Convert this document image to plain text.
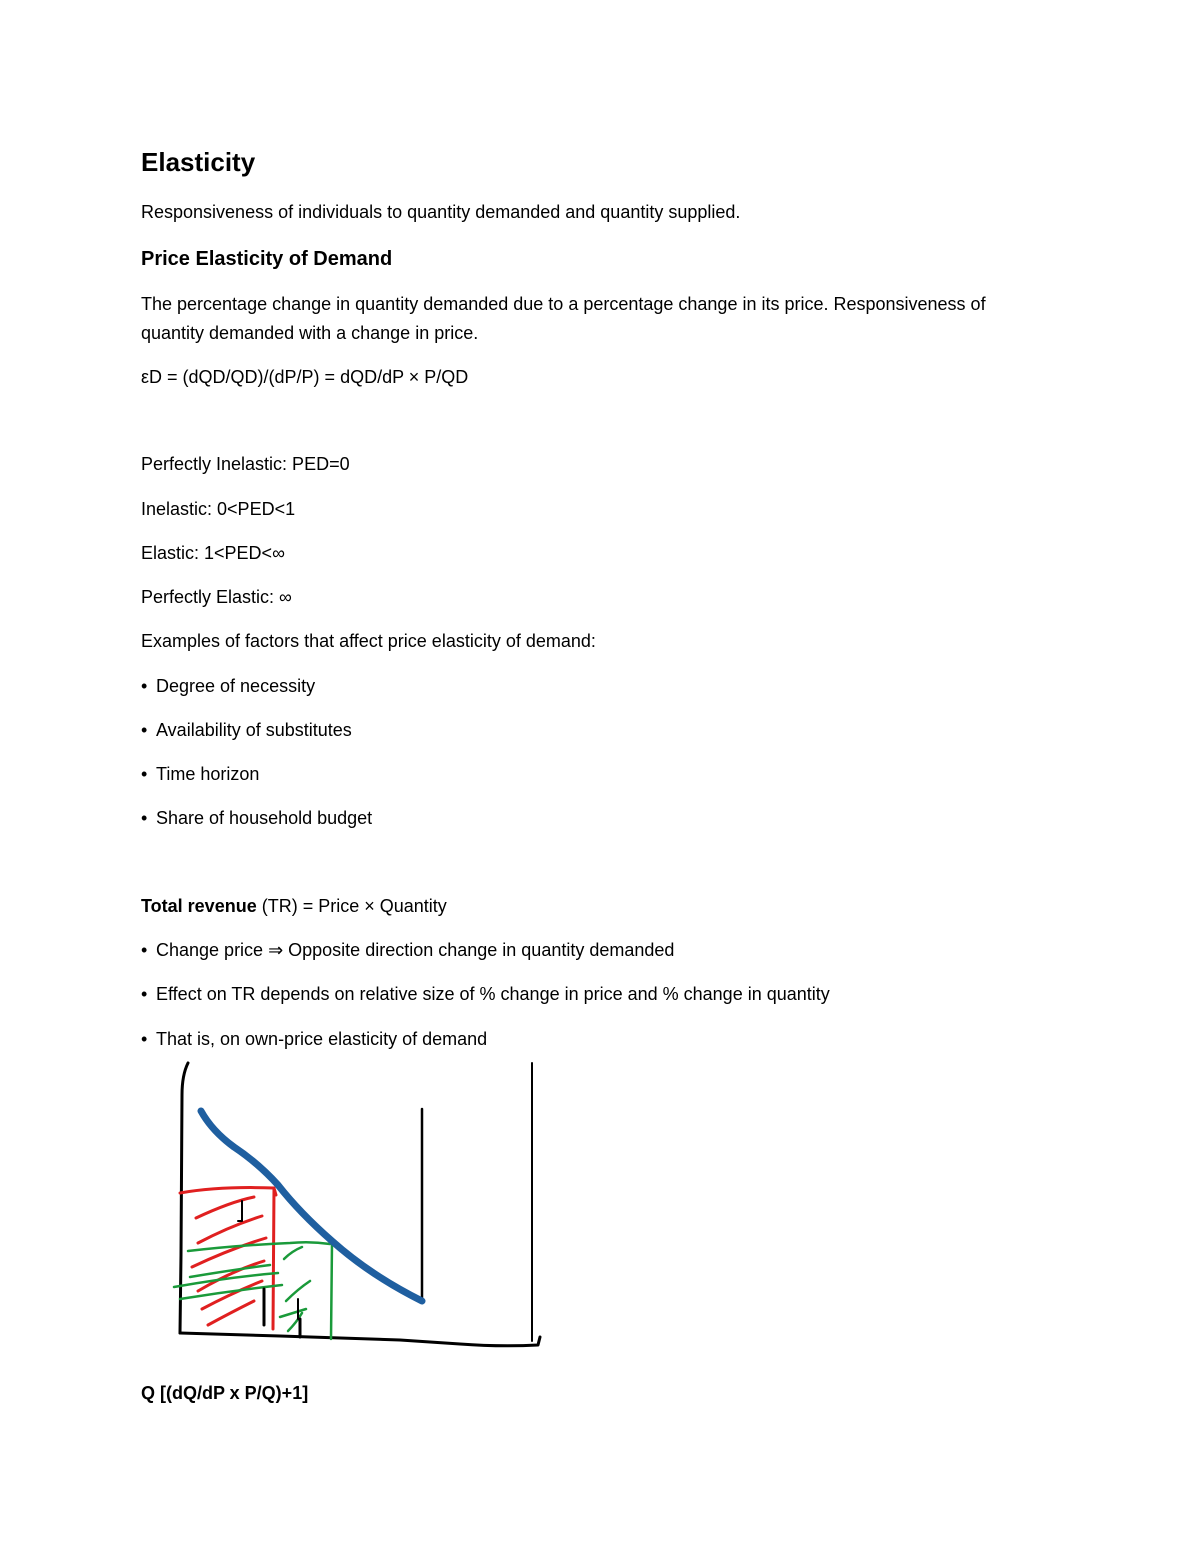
Elasticity

Responsiveness of individuals to quantity demanded and quantity supplied.

Price Elasticity of Demand

The percentage change in quantity demanded due to a percentage change in its price. Responsiveness of

quantity demanded with a change in price.

εD = (dQD/QD)/(dP/P) = dQD/dP × P/QD

Perfectly Inelastic: PED=0

Inelastic: 0<PED<1

Elastic: 1<PED<∞

Perfectly Elastic: ∞

Examples of factors that affect price elasticity of demand:

• Degree of necessity

• Availability of substitutes

• Time horizon

• Share of household budget

Total revenue (TR) = Price × Quantity

• Change price ⇒ Opposite direction change in quantity demanded

• Effect on TR depends on relative size of % change in price and % change in quantity

• That is, on own-price elasticity of demand

Q [(dQ/dP x P/Q)+1]
